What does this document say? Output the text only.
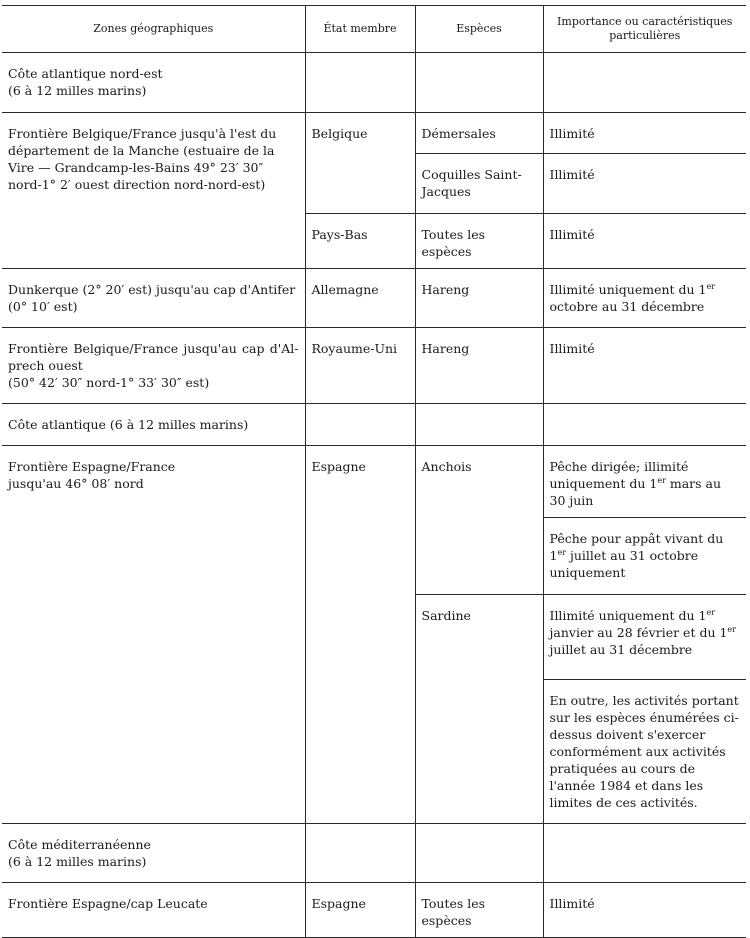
Zones géographiques	État membre	Espèces	Importance ou caractéristiques particulières
Côte atlantique nord-est
(6 à 12 milles marins)			
Frontière Belgique/France jusqu'à l'est du département de la Manche (estuaire de la Vire — Grandcamp-les-Bains 49° 23′ 30″ nord-1° 2′ ouest direction nord-nord-est)	Belgique	Démersales	Illimité
		Coquilles Saint-Jacques	Illimité
	Pays-Bas	Toutes les espèces	Illimité
Dunkerque (2° 20′ est) jusqu'au cap d'Antifer (0° 10′ est)	Allemagne	Hareng	Illimité uniquement du 1er octobre au 31 décembre

Frontière Belgique/France jusqu'au cap d'Al-
prech ouest
(50° 42′ 30″ nord-1° 33′ 30″ est)	Royaume-Uni	Hareng	Illimité
Côte atlantique (6 à 12 milles marins)			
Frontière Espagne/France
jusqu'au 46° 08′ nord	Espagne	Anchois	Pêche dirigée; illimité uniquement du 1er mars au 30 juin
			Pêche pour appât vivant du 1er juillet au 31 octobre uniquement
		Sardine	Illimité uniquement du 1er janvier au 28 février et du 1er juillet au 31 décembre
			En outre, les activités portant sur les espèces énumérées ci-dessus doivent s'exercer conformément aux activités pratiquées au cours de l'année 1984 et dans les limites de ces activités.
Côte méditerranéenne
(6 à 12 milles marins)			
Frontière Espagne/cap Leucate	Espagne	Toutes les espèces	Illimité
